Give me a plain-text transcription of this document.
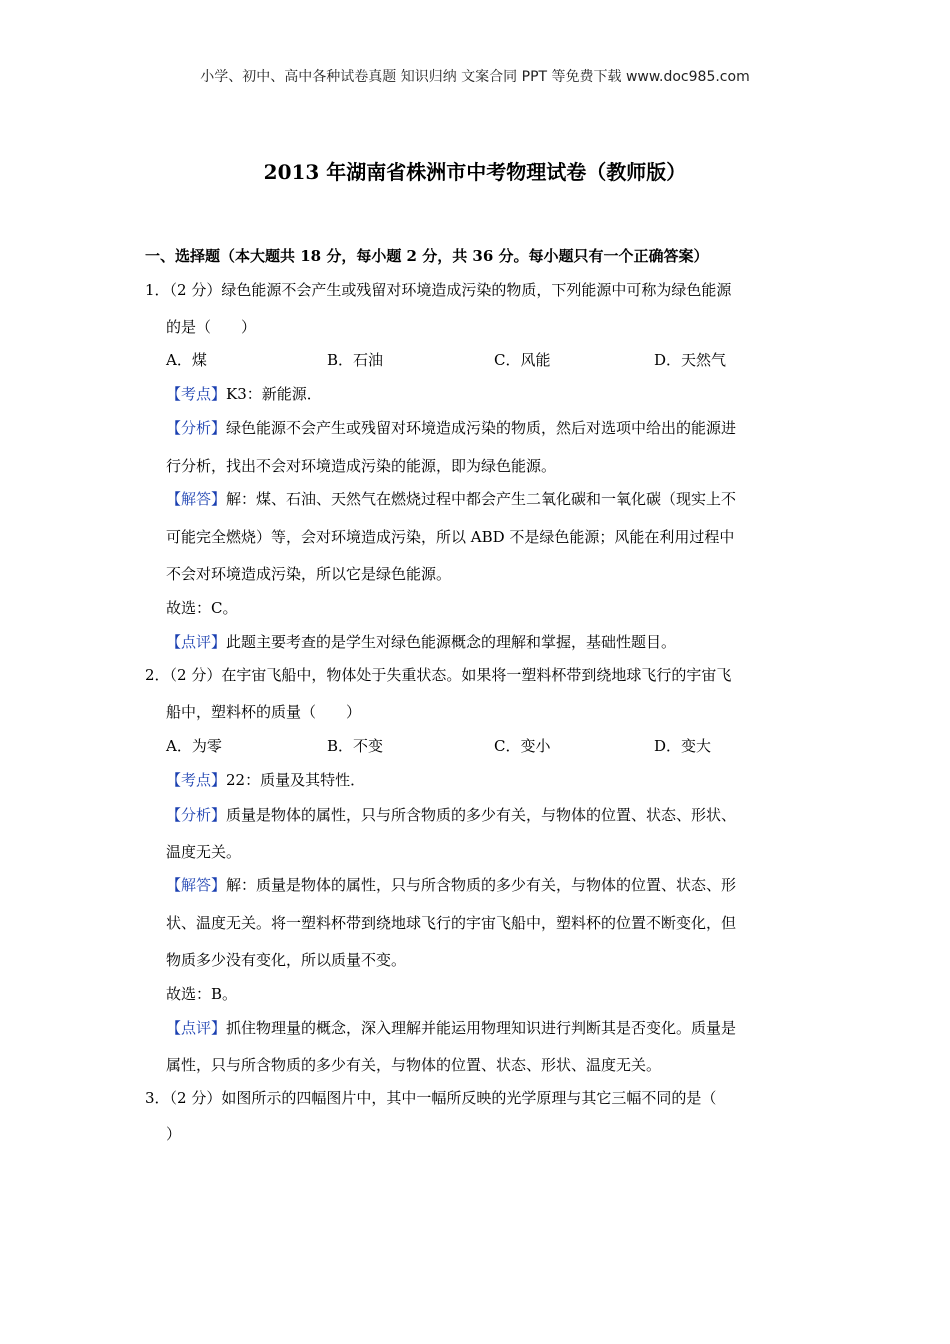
小学、初中、高中各种试卷真题 知识归纳 文案合同 PPT 等免费下载 www.doc985.com
2013 年湖南省株洲市中考物理试卷（教师版）
一、选择题（本大题共 18 分，每小题 2 分，共 36 分。每小题只有一个正确答案）
1．（2 分）绿色能源不会产生或残留对环境造成污染的物质，下列能源中可称为绿色能源
的是（　　）
A．煤	B．石油	C．风能	D．天然气
【考点】K3：新能源．
【分析】绿色能源不会产生或残留对环境造成污染的物质，然后对选项中给出的能源进
行分析，找出不会对环境造成污染的能源，即为绿色能源。
【解答】解：煤、石油、天然气在燃烧过程中都会产生二氧化碳和一氧化碳（现实上不
可能完全燃烧）等，会对环境造成污染，所以 ABD 不是绿色能源；风能在利用过程中
不会对环境造成污染，所以它是绿色能源。
故选：C。
【点评】此题主要考查的是学生对绿色能源概念的理解和掌握，基础性题目。
2．（2 分）在宇宙飞船中，物体处于失重状态。如果将一塑料杯带到绕地球飞行的宇宙飞
船中，塑料杯的质量（　　）
A．为零	B．不变	C．变小	D．变大
【考点】22：质量及其特性．
【分析】质量是物体的属性，只与所含物质的多少有关，与物体的位置、状态、形状、
温度无关。
【解答】解：质量是物体的属性，只与所含物质的多少有关，与物体的位置、状态、形
状、温度无关。将一塑料杯带到绕地球飞行的宇宙飞船中，塑料杯的位置不断变化，但
物质多少没有变化，所以质量不变。
故选：B。
【点评】抓住物理量的概念，深入理解并能运用物理知识进行判断其是否变化。质量是
属性，只与所含物质的多少有关，与物体的位置、状态、形状、温度无关。
3．（2 分）如图所示的四幅图片中，其中一幅所反映的光学原理与其它三幅不同的是（
）
